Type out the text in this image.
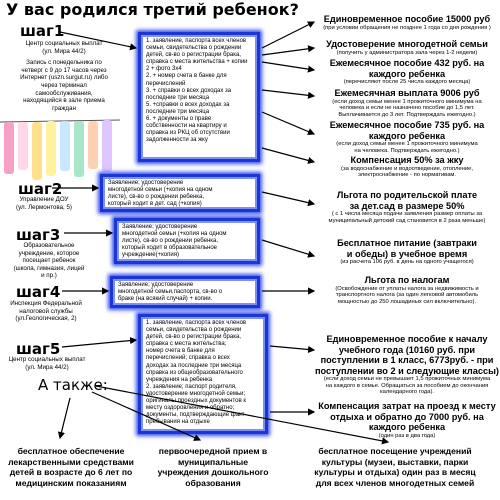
У вас родился третий ребенок?
шаг1
Центр социальных выплат
(ул. Мира 44/2)
Запись с понедельника по
четверг с 9 до 17 часов через
Интернет (uszn.surgut.ru) либо
через терминал
самообслуживания,
находящийся в зале приема
граждан
шаг2
Управление ДОУ
(ул. Лермонтова, 5)
шаг3
Образовательное
учреждение, которое
посещает ребенок
(школа, гимназия, лицей
и пр.)
шаг4
Инспекция Федеральной
налоговой службы
(ул.Геологическая, 2)
шаг5
Центр социальных выплат
(ул. Мира 44/2)
А также:
1. заявление, паспорта всех членов
семьи, свидетельства о рождении
детей, св-во о регистрации брака,
справка с места жительства + копии
2 + фото 3x4
2. + номер счета в банке для
перечислений
3. + справки о всех доходах за
последние три месяца
5. +справки о всех доходах за
последние три месяца
6. + документы о праве
собственности на квартиру и
справка из РКЦ об отсутствии
задолженности за жку
Заявление; удостоверение
многодетной семьи (+копия на одном
листе), св-во о рождении ребенка,
который ходит в дет. сад (+копия)
Заявление; удостоверение
многодетной семьи (+копия на одном
листе), св-во о рождении ребенка,
который ходит в образовательное
учреждение(+копия)
Заявление; удостоверение
многодетной семьи,паспорта, св-во о
браке (на всякий случай) + копии.
1. заявление, паспорта всех членов
семьи, свидетельства о рождении
детей, св-во о регистрации брака,
справка с места жительства;
номер счета в банке для
перечислений; справка о всех
доходах за последние три месяца
справка из общеобразовательного
учреждения на ребенка
2. заявление; паспорт родителя,
удостоверение многодетной семьи;
оригиналы проездных документов к
месту оздоровления и обратно;
документы, подтверждающие факт
пребывания на отдыхе
Единовременное пособие 15000 руб
(при условии обращения не позднее 1 года со дня рождения )
Удостоверение многодетной семьи
(получить у администратора зала через 1-2 недели)
Ежемесячное пособие 432 руб. на
каждого ребенка
(перечисляют после 25 числа каждого месяца)
Ежемесячная выплата 9006 руб
(если доход семьи менее 1 прожиточного минимума на
человека и если не назначено пособие до 1,5 лет.
Выплачивается до 3 лет. Подтверждать ежегодно.)
Ежемесячное пособие 735 руб. на
каждого ребенка
(если доход семьи менее 1 прожиточного минимума
на человека. Подтверждать ежегодно.)
Компенсация 50% за жку
(за водоснабжение и водоотведение, отопление,
электроснабжение - по нормативам.
Льгота по родительской плате
за дет.сад в размере 50%
( с 1 числа месяца подачи заявления размер оплаты за
муниципальный детский сад становится в 2 раза меньше)
Бесплатное питание (завтраки
и обеды) в учебное время
(из расчета 106 руб. в день на одного учащегося)
Льгота по налогам
(Освобождение от уплаты налога за недвижимость и
транспортного налога (за один легковой автомобиль
мощностью до 250 лошадиных сил включительно).
Единовременное пособие к началу
учебного года (10160 руб. при
поступлении в 1 класс, 6773руб. - при
поступлении во 2 и следующие классы)
(если доход семьи не превышает 1,5 прожиточных минимума
на каждого в семье. Обращаться за пособием до окончания
календарного года).
Компенсация затрат на проезд к месту
отдыха и обратно до 7000 руб. на
каждого ребенка
(один раз в два года)
бесплатное обеспечение
лекарственными средствами
детей в возрасте до 6 лет по
медицинским показаниям
первоочередной прием в
муниципальные
учреждения дошкольного
образования
бесплатное посещение учреждений
культуры (музеи, выставки, парки
культуры и отдыха) один раз в месяц
для всех членов многодетных семей
